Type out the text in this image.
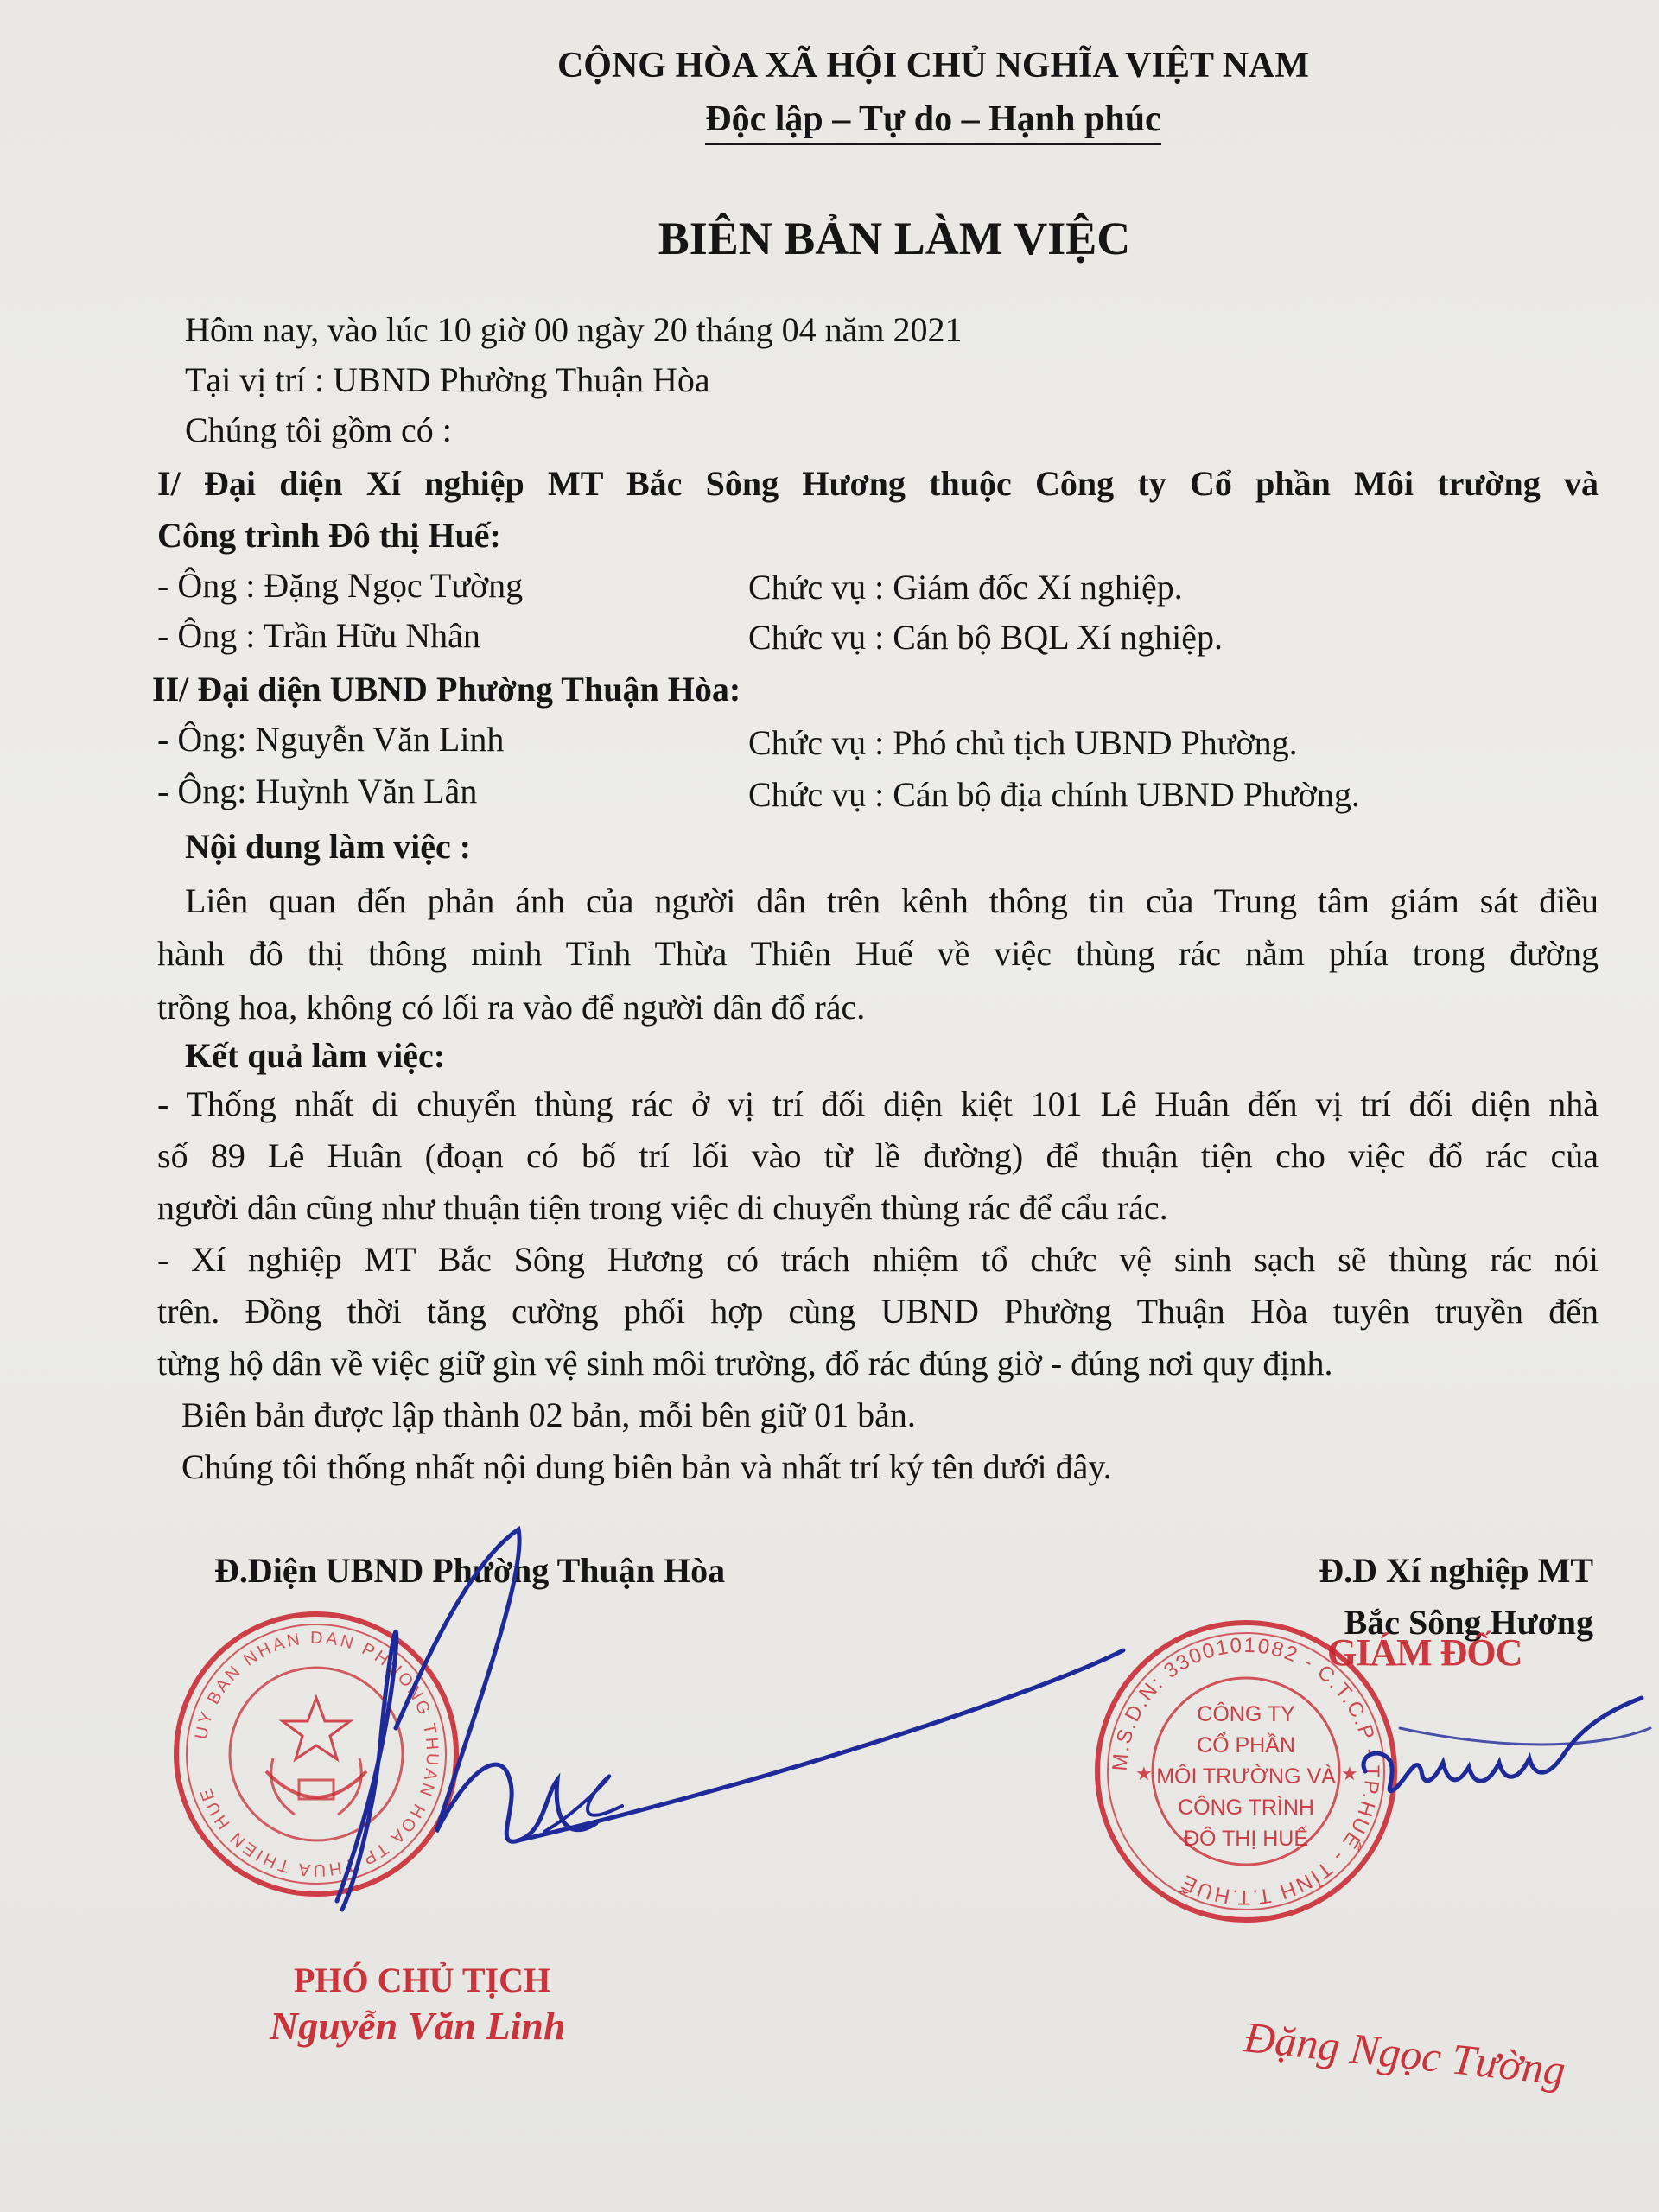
CỘNG HÒA XÃ HỘI CHỦ NGHĨA VIỆT NAM
Độc lập – Tự do – Hạnh phúc
BIÊN BẢN LÀM VIỆC
Hôm nay, vào lúc 10 giờ 00 ngày 20 tháng 04 năm 2021
Tại vị trí : UBND Phường Thuận Hòa
Chúng tôi gồm có :
I/ Đại diện Xí nghiệp MT Bắc Sông Hương thuộc Công ty Cổ phần Môi trường và
Công trình Đô thị Huế:
- Ông : Đặng Ngọc Tường	Chức vụ : Giám đốc Xí nghiệp.
- Ông : Trần Hữu Nhân	Chức vụ : Cán bộ BQL Xí nghiệp.
II/ Đại diện UBND Phường Thuận Hòa:
- Ông: Nguyễn Văn Linh	Chức vụ : Phó chủ tịch UBND Phường.
- Ông: Huỳnh Văn Lân	Chức vụ : Cán bộ địa chính UBND Phường.
Nội dung làm việc :
Liên quan đến phản ánh của người dân trên kênh thông tin của Trung tâm giám sát điều
hành đô thị thông minh Tỉnh Thừa Thiên Huế về việc thùng rác nằm phía trong đường
trồng hoa, không có lối ra vào để người dân đổ rác.
Kết quả làm việc:
- Thống nhất di chuyển thùng rác ở vị trí đối diện kiệt 101 Lê Huân đến vị trí đối diện nhà
số 89 Lê Huân (đoạn có bố trí lối vào từ lề đường) để thuận tiện cho việc đổ rác của
người dân cũng như thuận tiện trong việc di chuyển thùng rác để cẩu rác.
- Xí nghiệp MT Bắc Sông Hương có trách nhiệm tổ chức vệ sinh sạch sẽ thùng rác nói
trên. Đồng thời tăng cường phối hợp cùng UBND Phường Thuận Hòa tuyên truyền đến
từng hộ dân về việc giữ gìn vệ sinh môi trường, đổ rác đúng giờ - đúng nơi quy định.
Biên bản được lập thành 02 bản, mỗi bên giữ 01 bản.
Chúng tôi thống nhất nội dung biên bản và nhất trí ký tên dưới đây.
Đ.Diện UBND Phường Thuận Hòa	Đ.D Xí nghiệp MT
Bắc Sông Hương
UY BAN NHAN DAN PHUONG THUAN HOA TP THUA THIEN HUE
M.S.D.N: 3300101082 - C.T.C.P - TP.HUẾ - TỈNH T.T.HUẾ
CÔNG TY
CỔ PHẦN
MÔI TRƯỜNG VÀ
CÔNG TRÌNH
ĐÔ THỊ HUẾ
★	★
GIÁM ĐỐC
PHÓ CHỦ TỊCH
Nguyễn Văn Linh	Đặng Ngọc Tường
